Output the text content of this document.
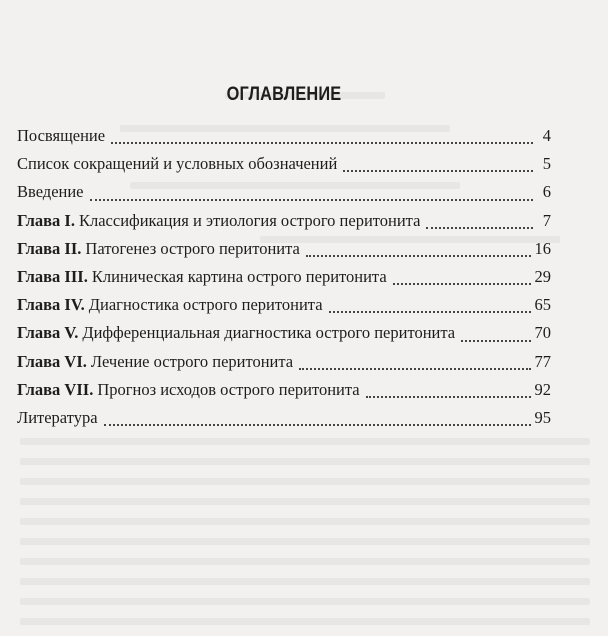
ОГЛАВЛЕНИЕ
Посвящение	4
Список сокращений и условных обозначений	5
Введение	6
Глава I. Классификация и этиология острого перитонита	7
Глава II. Патогенез острого перитонита	16
Глава III. Клиническая картина острого перитонита	29
Глава IV. Диагностика острого перитонита	65
Глава V. Дифференциальная диагностика острого перитонита	70
Глава VI. Лечение острого перитонита	77
Глава VII. Прогноз исходов острого перитонита	92
Литература	95
